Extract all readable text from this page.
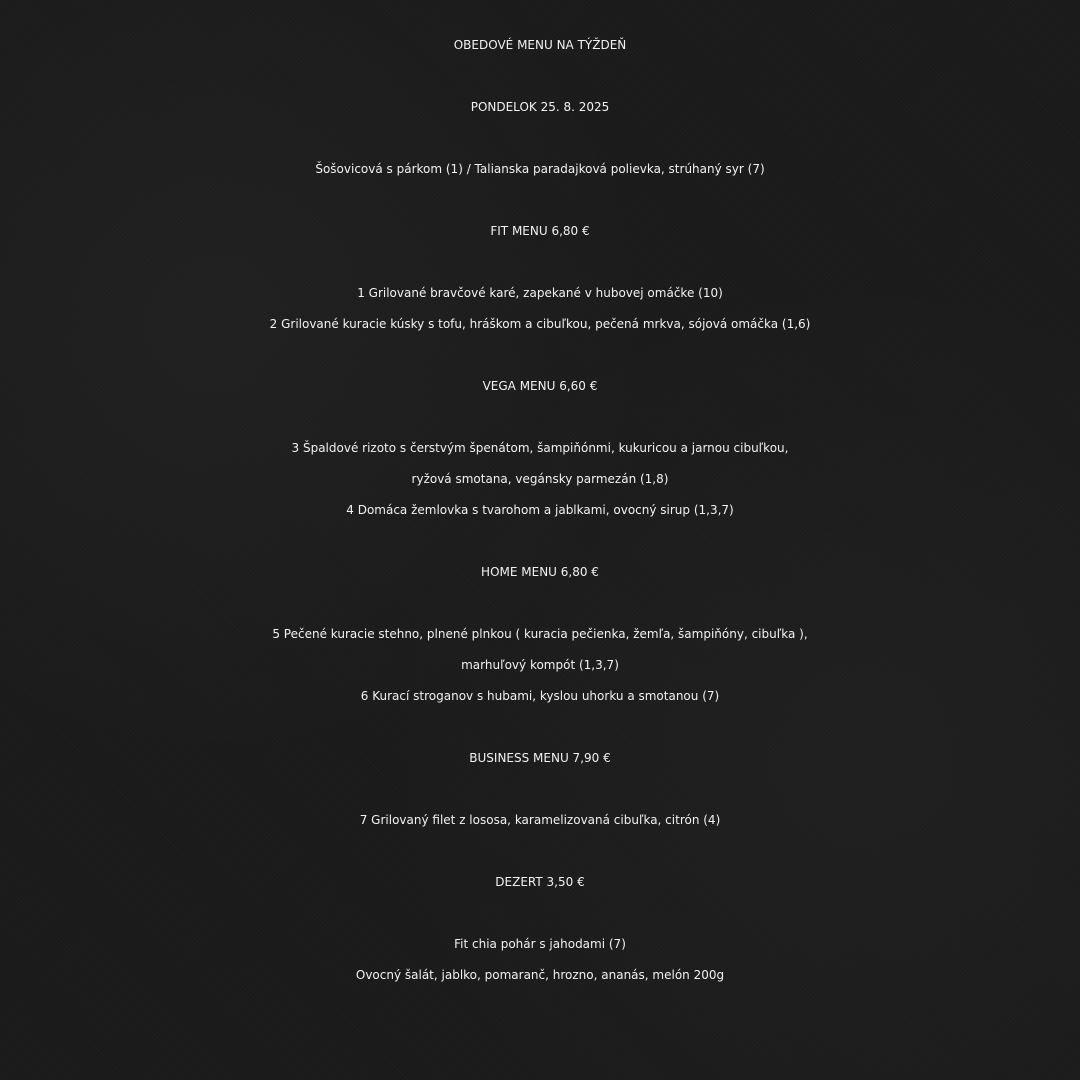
OBEDOVÉ MENU NA TÝŽDEŇ
PONDELOK 25. 8. 2025
Šošovicová s párkom (1) / Talianska paradajková polievka, strúhaný syr (7)
FIT MENU 6,80 €
1 Grilované bravčové karé, zapekané v hubovej omáčke (10)
2 Grilované kuracie kúsky s tofu, hráškom a cibuľkou, pečená mrkva, sójová omáčka (1,6)
VEGA MENU 6,60 €
3 Špaldové rizoto s čerstvým špenátom, šampiňónmi, kukuricou a jarnou cibuľkou,
ryžová smotana, vegánsky parmezán (1,8)
4 Domáca žemlovka s tvarohom a jablkami, ovocný sirup (1,3,7)
HOME MENU 6,80 €
5 Pečené kuracie stehno, plnené plnkou ( kuracia pečienka, žemľa, šampiňóny, cibuľka ),
marhuľový kompót (1,3,7)
6 Kurací stroganov s hubami, kyslou uhorku a smotanou (7)
BUSINESS MENU 7,90 €
7 Grilovaný filet z lososa, karamelizovaná cibuľka, citrón (4)
DEZERT 3,50 €
Fit chia pohár s jahodami (7)
Ovocný šalát, jablko, pomaranč, hrozno, ananás, melón 200g
